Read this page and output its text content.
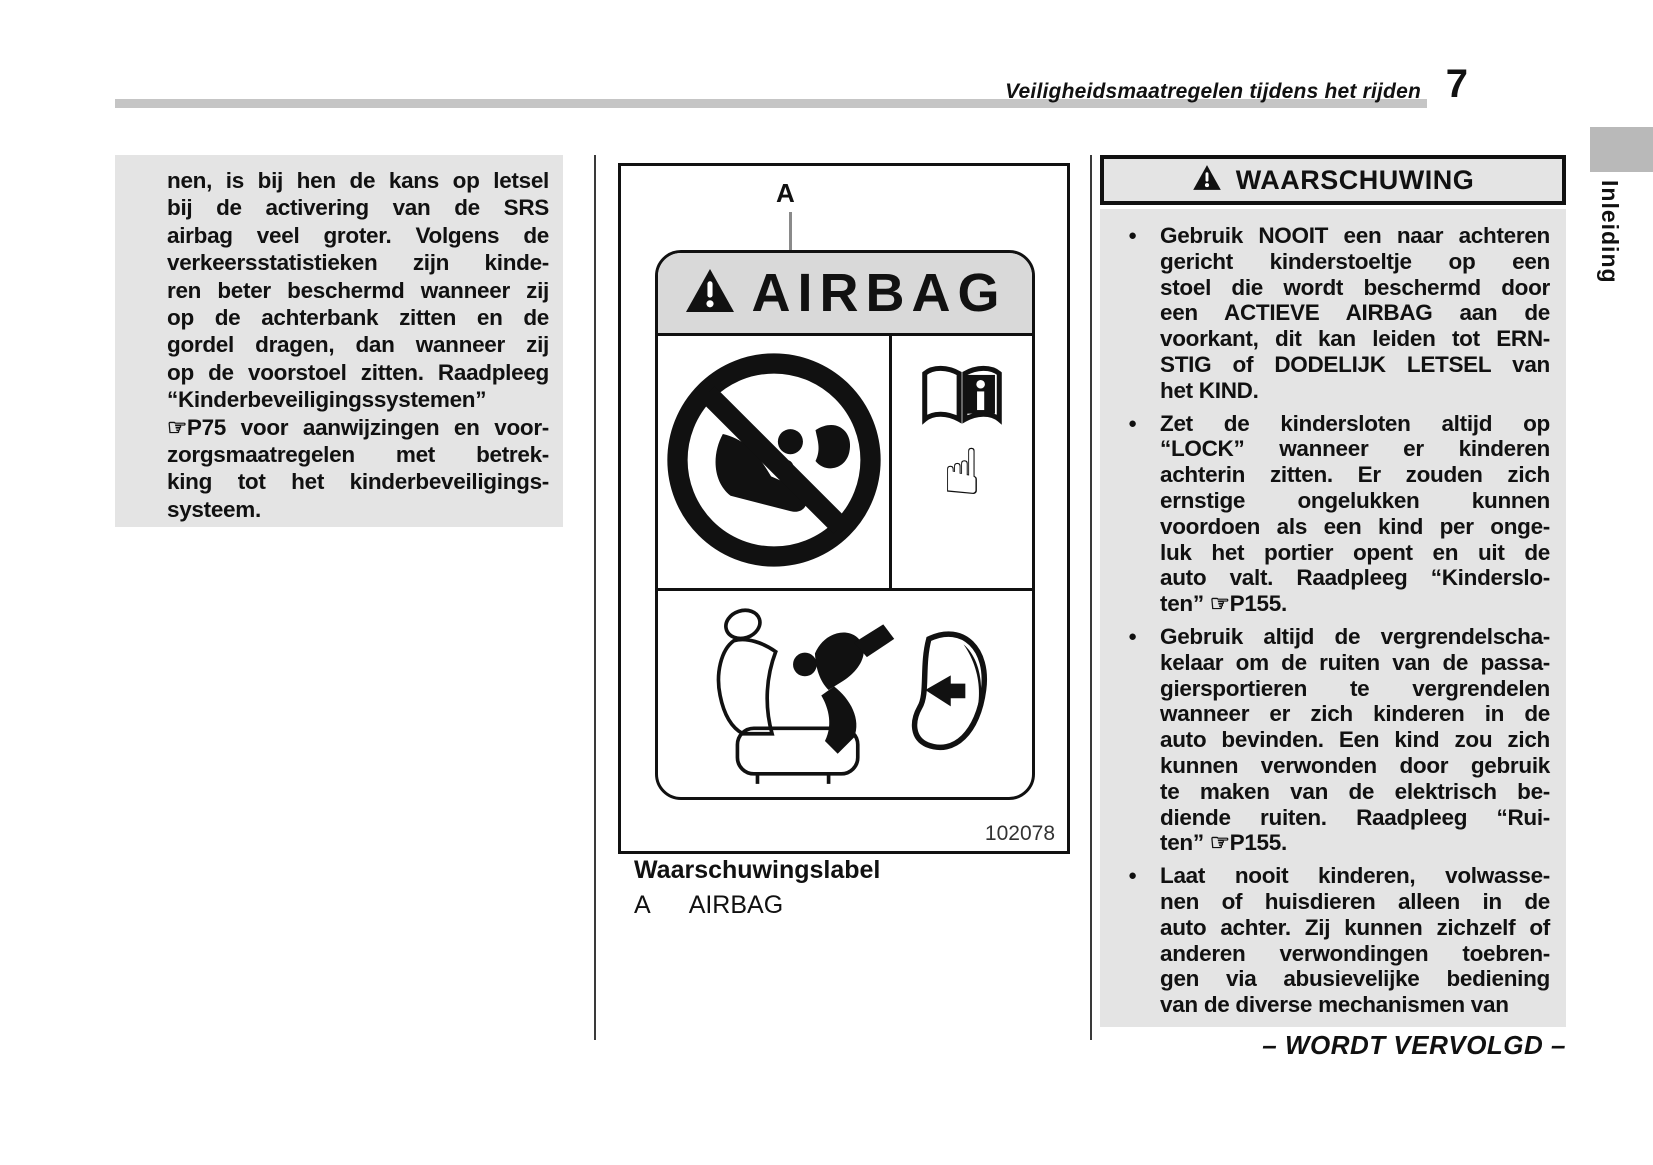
Veiligheidsmaatregelen tijdens het rijden 7
Inleiding
nen, is bij hen de kans op letsel
bij de activering van de SRS
airbag veel groter. Volgens de
verkeersstatistieken zijn kinde-
ren beter beschermd wanneer zij
op de achterbank zitten en de
gordel dragen, dan wanneer zij
op de voorstoel zitten. Raadpleeg
“Kinderbeveiligingssystemen”
☞P75 voor aanwijzingen en voor-
zorgsmaatregelen met betrek-
king tot het kinderbeveiligings-
systeem.
A
AIRBAG
☝
102078
Waarschuwingslabel
A AIRBAG
WAARSCHUWING
●	Gebruik NOOIT een naar achteren
gericht kinderstoeltje op een
stoel die wordt beschermd door
een ACTIEVE AIRBAG aan de
voorkant, dit kan leiden tot ERN-
STIG of DODELIJK LETSEL van
het KIND.
●	Zet de kindersloten altijd op
“LOCK” wanneer er kinderen
achterin zitten. Er zouden zich
ernstige ongelukken kunnen
voordoen als een kind per onge-
luk het portier opent en uit de
auto valt. Raadpleeg “Kinderslo-
ten” ☞P155.
●	Gebruik altijd de vergrendelscha-
kelaar om de ruiten van de passa-
giersportieren te vergrendelen
wanneer er zich kinderen in de
auto bevinden. Een kind zou zich
kunnen verwonden door gebruik
te maken van de elektrisch be-
diende ruiten. Raadpleeg “Rui-
ten” ☞P155.
●	Laat nooit kinderen, volwasse-
nen of huisdieren alleen in de
auto achter. Zij kunnen zichzelf of
anderen verwondingen toebren-
gen via abusievelijke bediening
van de diverse mechanismen van
– WORDT VERVOLGD –
